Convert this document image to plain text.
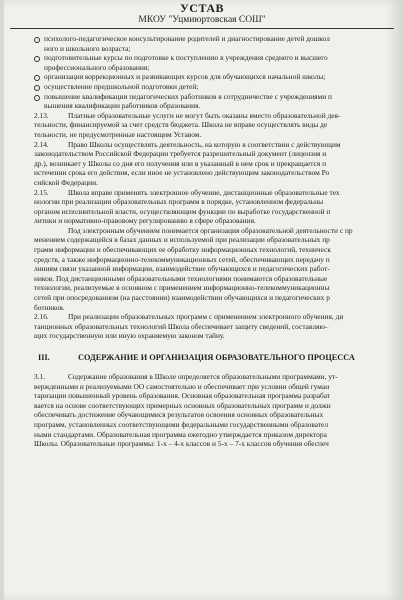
УСТАВ
МКОУ "Уцмиюртовская СОШ"
психолого-педагогическое консультирование родителей и диагностирование детей дошкол
ного и школьного возраста;
подготовительные курсы по подготовке к поступлению в учреждения среднего и высшего
профессионального образования;
организация коррекционных и развивающих курсов для обучающихся начальной школы;
осуществление предшкольной подготовки детей;
повышение квалификации педагогических работников в сотрудничестве с учреждениями п
вышения квалификации работников образования.
2.13.	Платные образовательные услуги не могут быть оказаны вместо образовательной дея-
тельности, финансируемой за счет средств бюджета. Школа не вправе осуществлять виды де
тельности, не предусмотренные настоящим Уставом.
2.14.	Право Школы осуществлять деятельность, на которую в соответствии с действующим
законодательством Российской Федерации требуется разрешительный документ (лицензия и
др.), возникает у Школы со дня его получения или в указанный в нем срок и прекращается п
истечении срока его действия, если иное не установлено действующим законодательством Ро
сийской Федерации.
2.15.	Школа вправе применять электронное обучение, дистанционные образовательные тех
нологии при реализации образовательных программ в порядке, установленном федеральны
органом исполнительной власти, осуществляющим функции по выработке государственной п
литики и нормативно-правовому регулированию в сфере образования.
Под электронным обучением понимается организация образовательной деятельности с пр
менением содержащейся в базах данных и используемой при реализации образовательных пр
грамм информации и обеспечивающих ее обработку информационных технологий, техническ
средств, а также информационно-телекоммуникационных сетей, обеспечивающих передачу п
линиям связи указанной информации, взаимодействие обучающихся и педагогических работ-
ников. Под дистанционными образовательными технологиями понимаются образовательные
технологии, реализуемые в основном с применением информационно-телекоммуникационны
сетей при опосредованном (на расстоянии) взаимодействии обучающихся и педагогических р
ботников.
2.16.	При реализации образовательных программ с применением электронного обучения, ди
танционных образовательных технологий Школа обеспечивает защиту сведений, составляю-
щих государственную или иную охраняемую законом тайну.
III.	СОДЕРЖАНИЕ И ОРГАНИЗАЦИЯ ОБРАЗОВАТЕЛЬНОГО ПРОЦЕССА
3.1.	Содержание образования в Школе определяется образовательными программами, ут-
вержденными и реализуемыми ОО самостоятельно и обеспечивает при условии общей гуман
таризации повышенный уровень образования. Основная образовательная программа разрабат
вается на основе соответствующих примерных основных образовательных программ и должн
обеспечивать достижение обучающимися результатов освоения основных образовательных
программ, установленных соответствующими федеральными государственными образовател
ными стандартами. Образовательная программа ежегодно утверждается приказом директора
Школы. Образовательные программы: 1-х – 4-х классов и 5-х – 7-х классов обучения обеспеч
